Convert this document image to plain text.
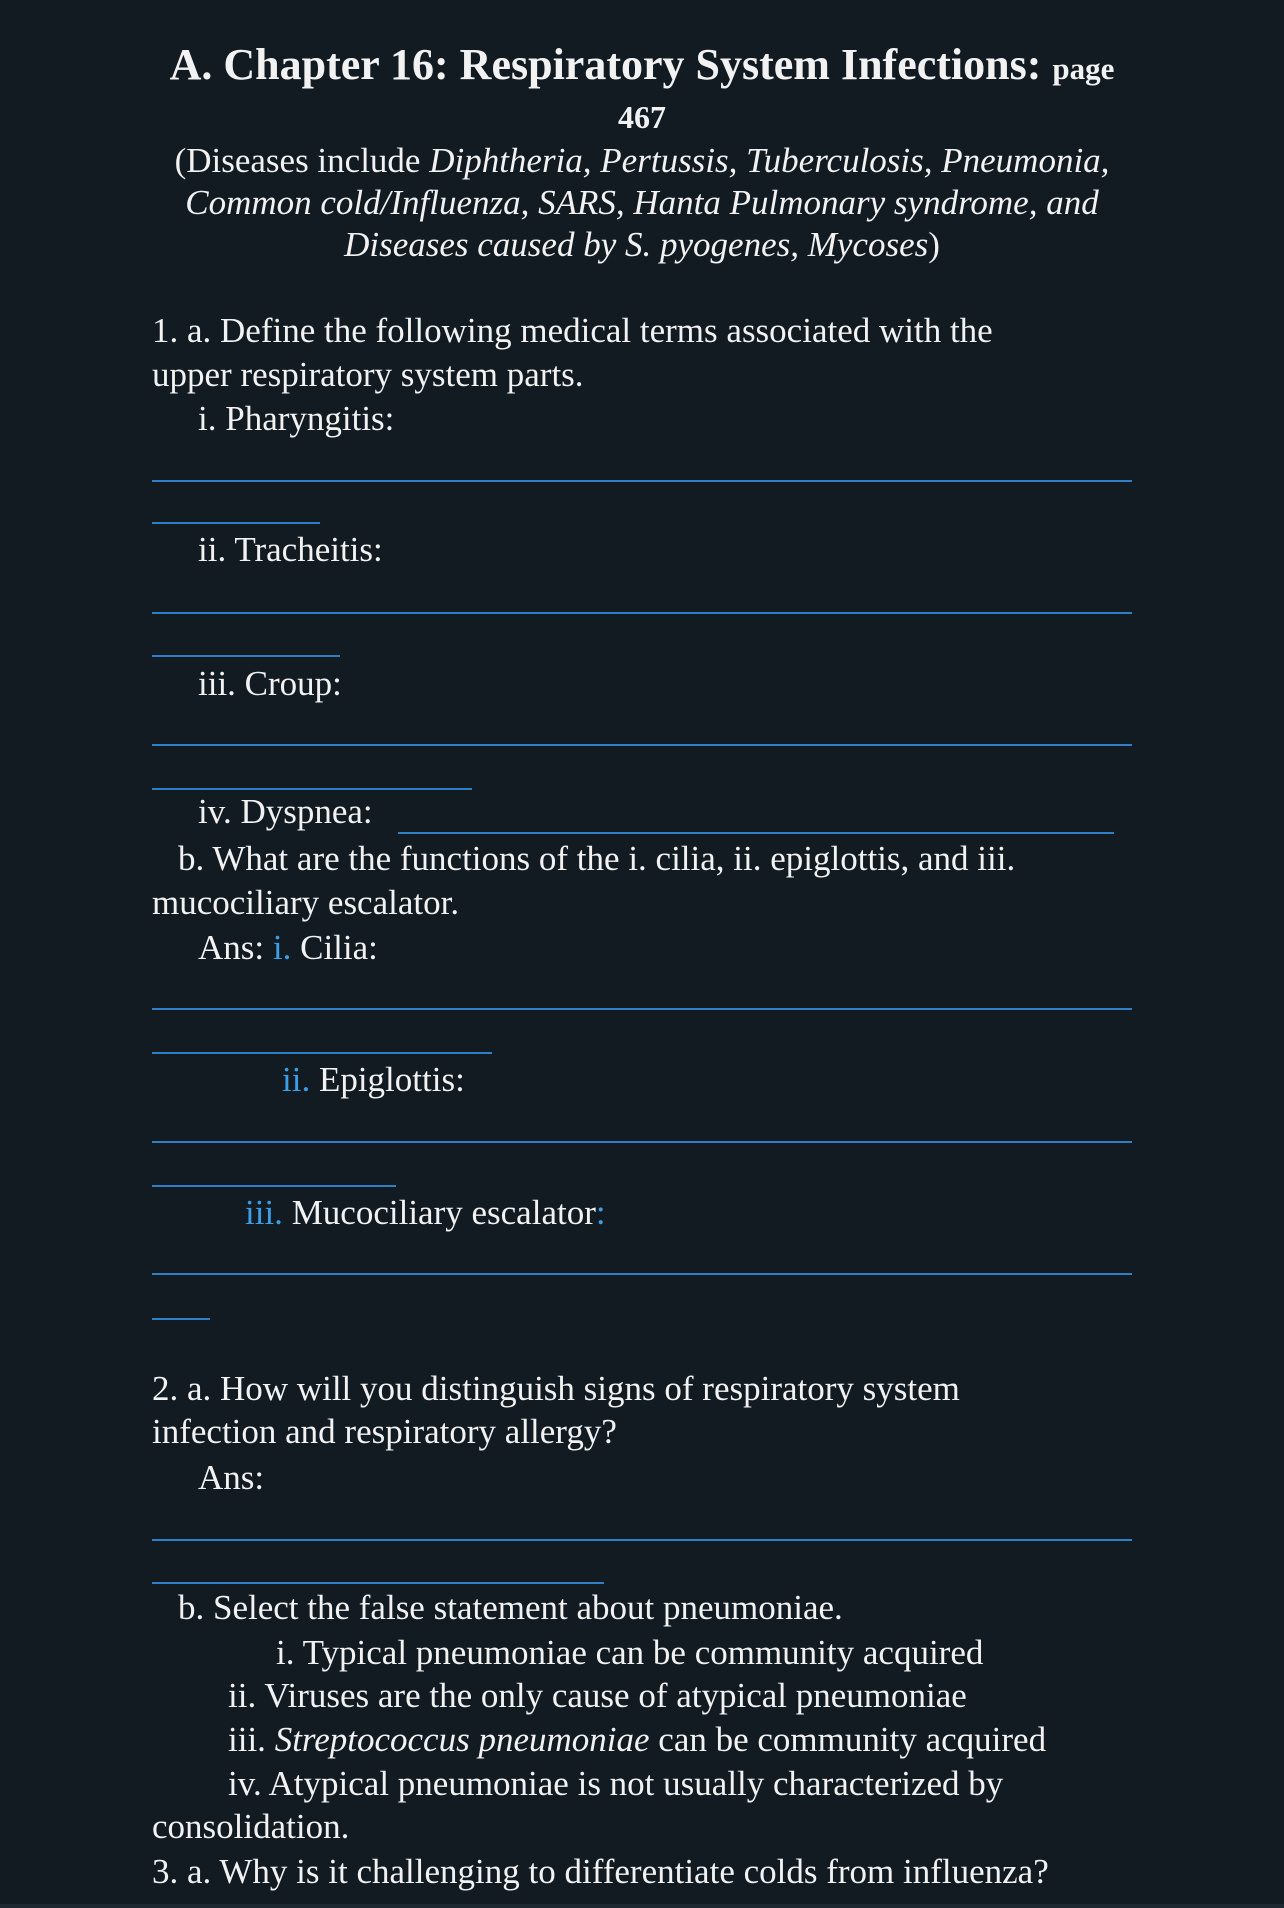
A. Chapter 16: Respiratory System Infections: page
467
(Diseases include Diphtheria, Pertussis, Tuberculosis, Pneumonia,
Common cold/Influenza, SARS, Hanta Pulmonary syndrome, and
Diseases caused by S. pyogenes, Mycoses)
1. a. Define the following medical terms associated with the
upper respiratory system parts.
i. Pharyngitis:
ii. Tracheitis:
iii. Croup:
iv. Dyspnea:
b. What are the functions of the i. cilia, ii. epiglottis, and iii.
mucociliary escalator.
Ans: i. Cilia:
ii. Epiglottis:
iii. Mucociliary escalator:
2. a. How will you distinguish signs of respiratory system
infection and respiratory allergy?
Ans:
b. Select the false statement about pneumoniae.
i. Typical pneumoniae can be community acquired
ii. Viruses are the only cause of atypical pneumoniae
iii. Streptococcus pneumoniae can be community acquired
iv. Atypical pneumoniae is not usually characterized by
consolidation.
3. a. Why is it challenging to differentiate colds from influenza?
